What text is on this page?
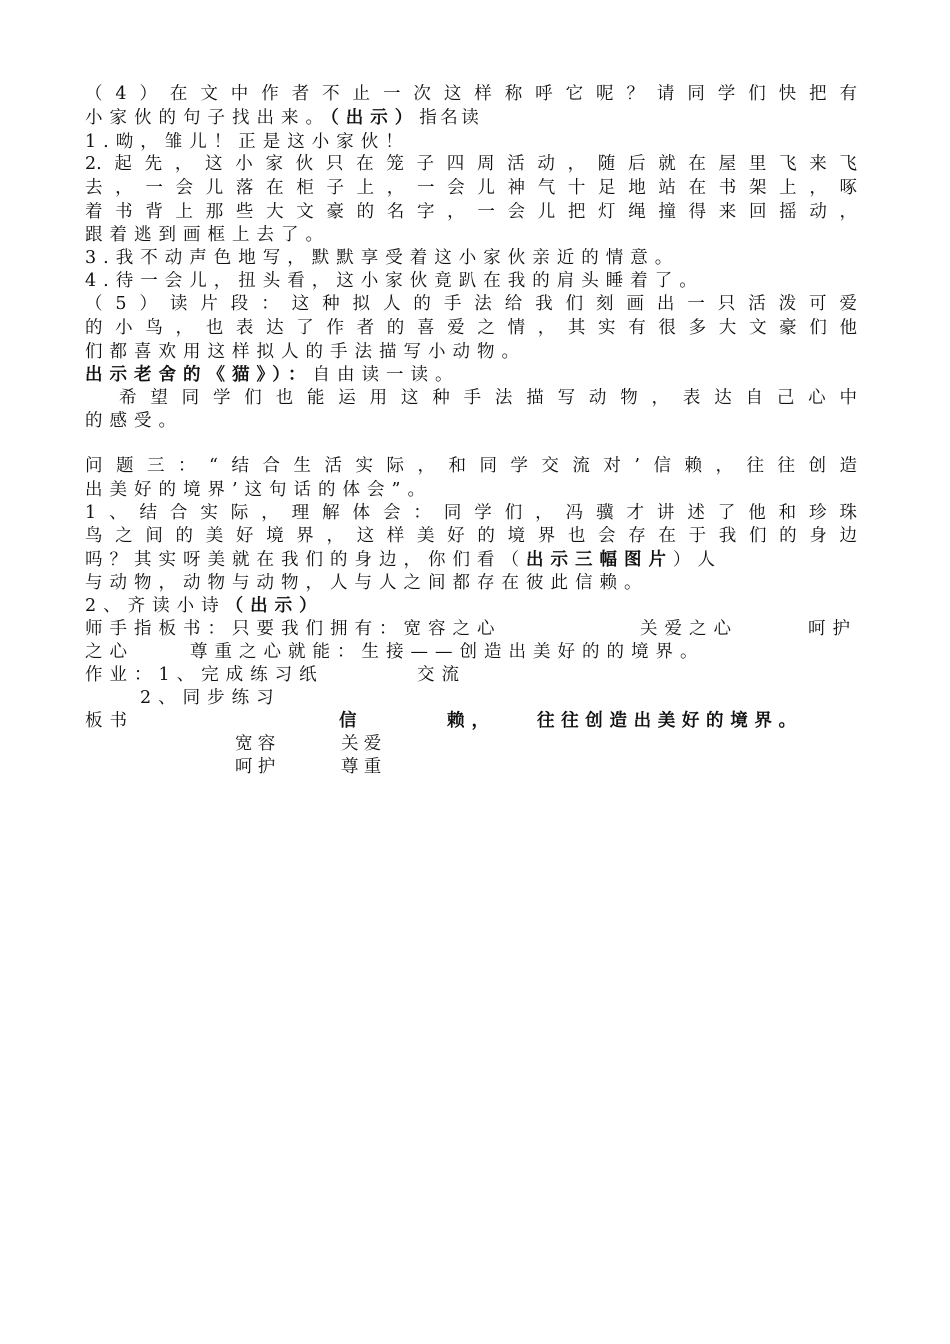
（4）在文中作者不止一次这样称呼它呢？请同学们快把有
小家伙的句子找出来。（出示）指名读
1.呦，雏儿！正是这小家伙！
2.起先，这小家伙只在笼子四周活动，随后就在屋里飞来飞
去，一会儿落在柜子上，一会儿神气十足地站在书架上，啄
着书背上那些大文豪的名字，一会儿把灯绳撞得来回摇动，
跟着逃到画框上去了。
3.我不动声色地写，默默享受着这小家伙亲近的情意。
4.待一会儿，扭头看，这小家伙竟趴在我的肩头睡着了。
（5）读片段：这种拟人的手法给我们刻画出一只活泼可爱
的小鸟，也表达了作者的喜爱之情，其实有很多大文豪们他
们都喜欢用这样拟人的手法描写小动物。
出示老舍的《猫》）：自由读一读。
希望同学们也能运用这种手法描写动物，表达自己心中
的感受。
问题三：“结合生活实际，和同学交流对’信赖，往往创造
出美好的境界’这句话的体会”。
1、结合实际，理解体会：同学们，冯骥才讲述了他和珍珠
鸟之间的美好境界，这样美好的境界也会存在于我们的身边
吗？其实呀美就在我们的身边，你们看（出示三幅图片）人
与动物，动物与动物，人与人之间都存在彼此信赖。
2、齐读小诗（出示）
师手指板书：只要我们拥有：宽容之心	关爱之心	呵护
之心	尊重之心就能：生接——创造出美好的的境界。
作业：1、完成练习纸	交流
2、同步练习
板书	信	赖， 往往创造出美好的境界。
宽容	关爱
呵护	尊重
